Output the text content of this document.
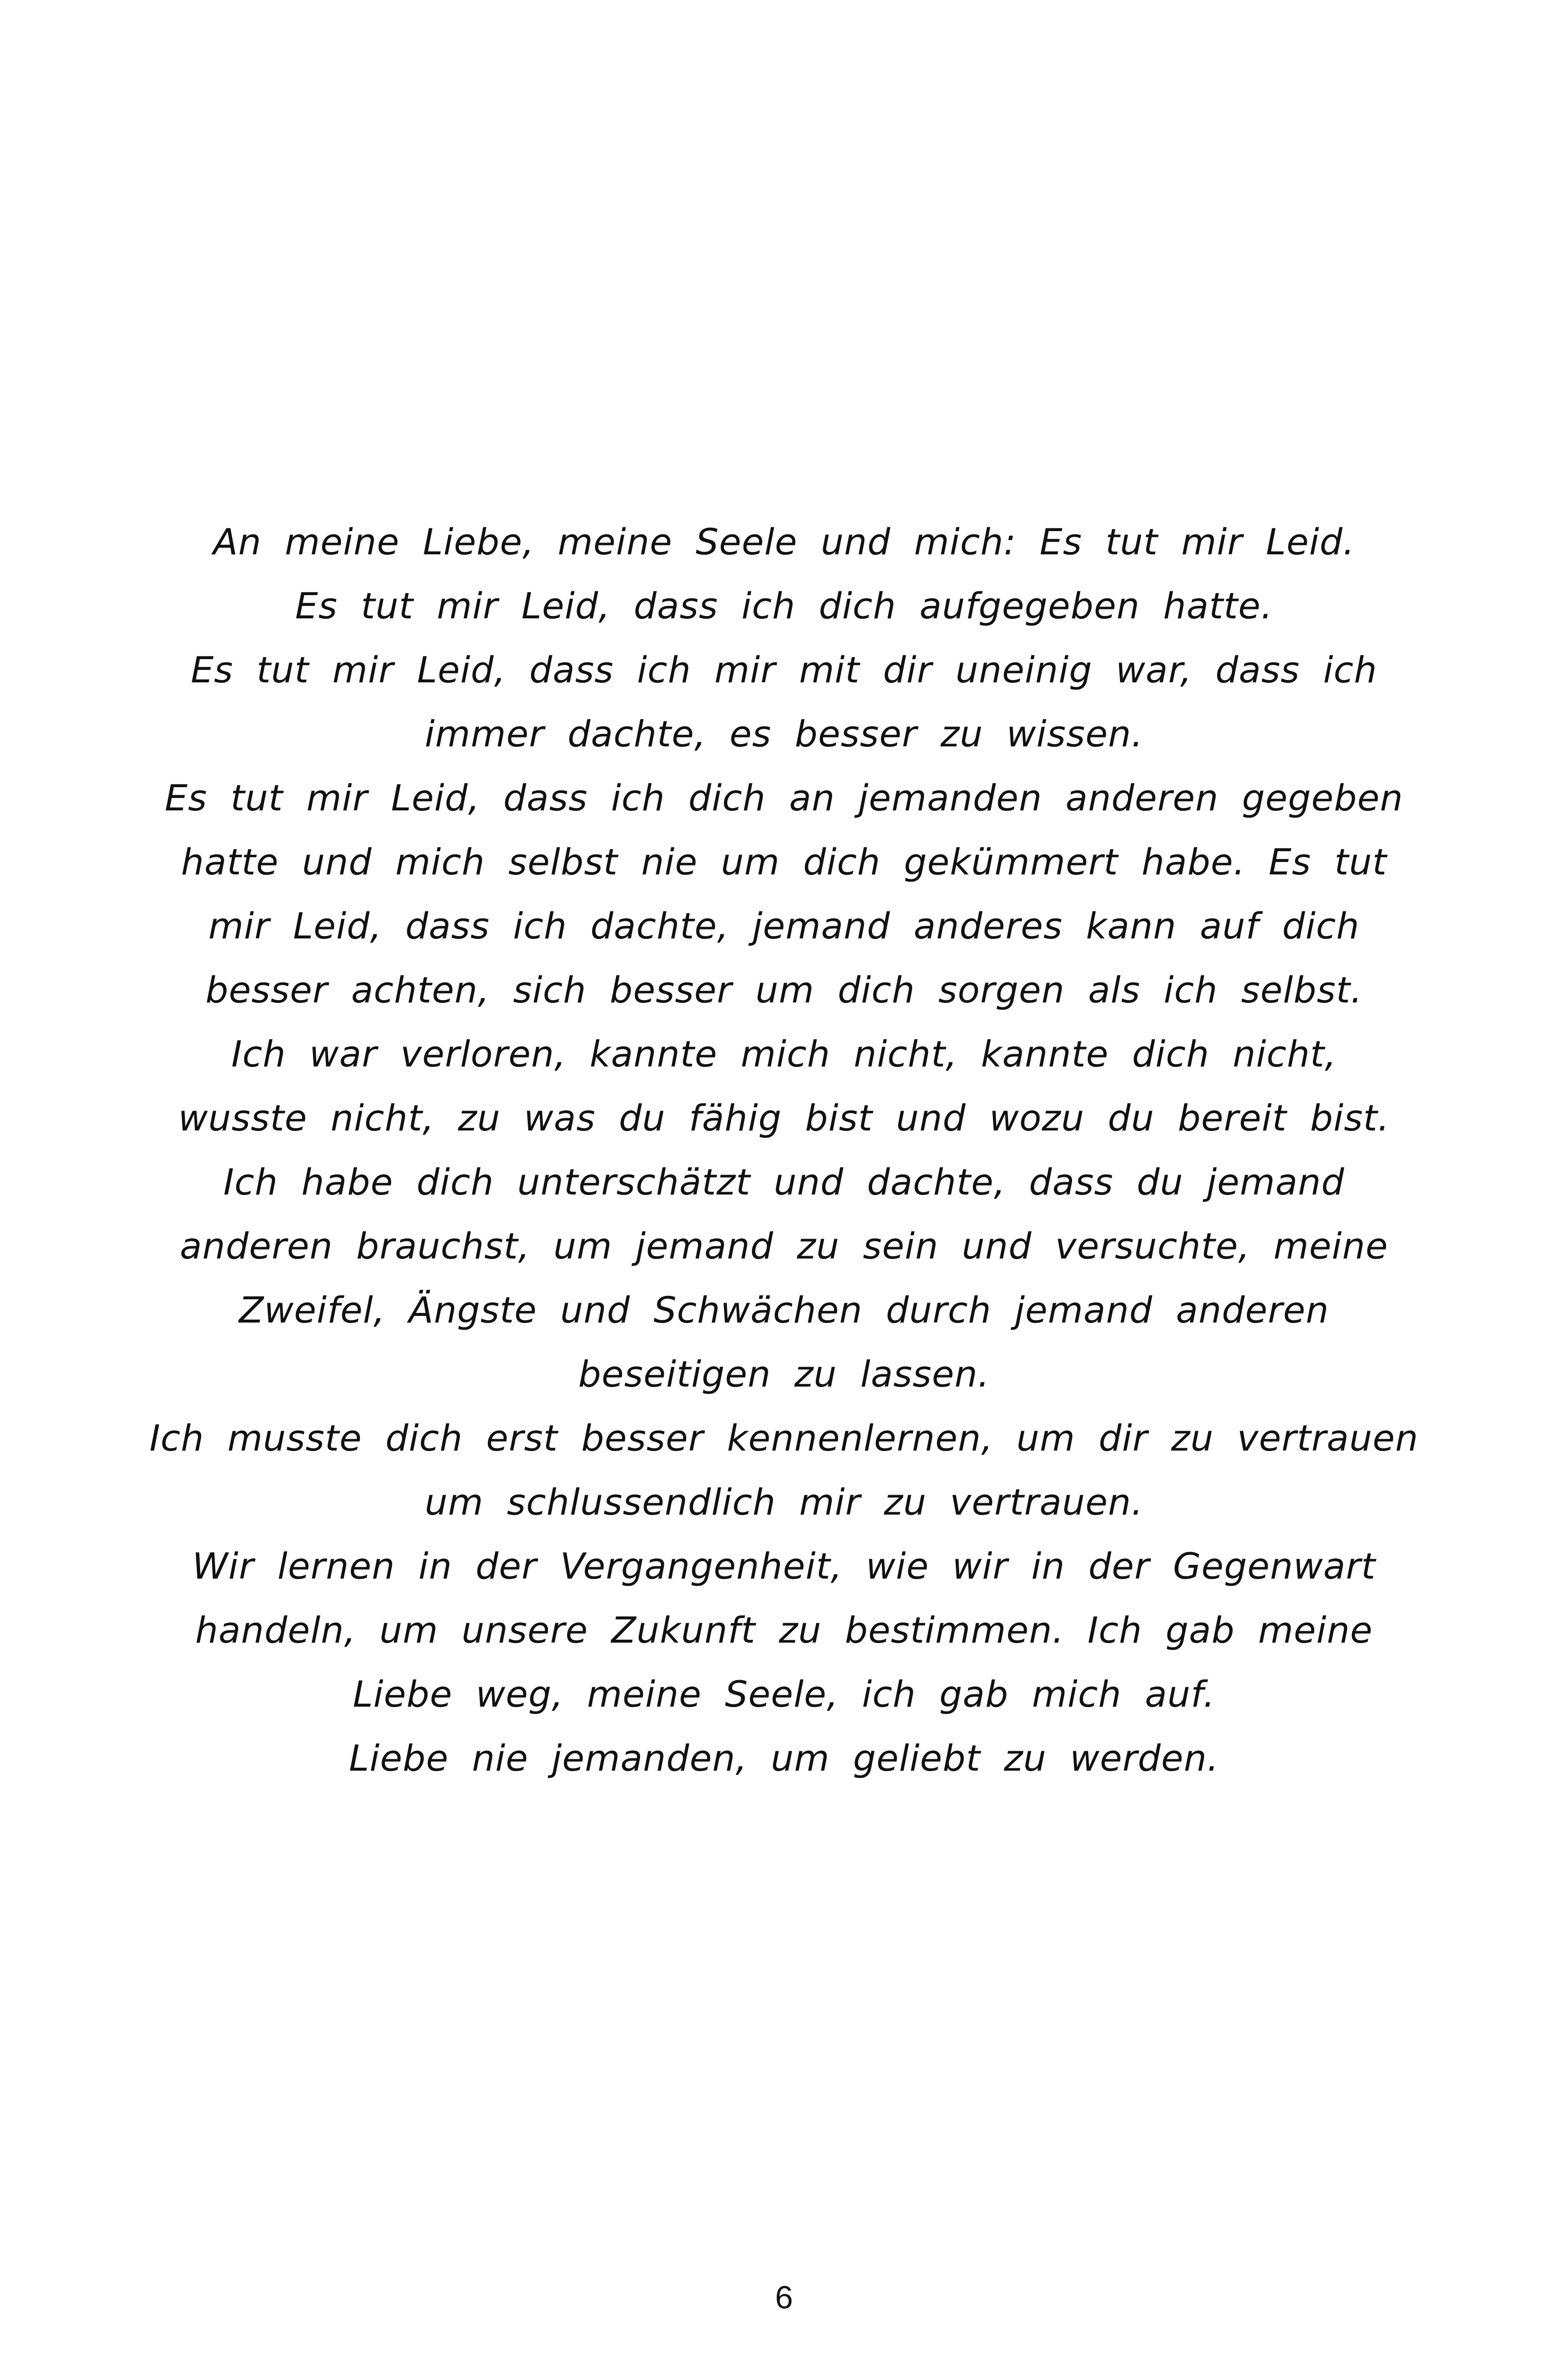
An meine Liebe, meine Seele und mich: Es tut mir Leid.
Es tut mir Leid, dass ich dich aufgegeben hatte.
Es tut mir Leid, dass ich mir mit dir uneinig war, dass ich
immer dachte, es besser zu wissen.
Es tut mir Leid, dass ich dich an jemanden anderen gegeben
hatte und mich selbst nie um dich gekümmert habe. Es tut
mir Leid, dass ich dachte, jemand anderes kann auf dich
besser achten, sich besser um dich sorgen als ich selbst.
Ich war verloren, kannte mich nicht, kannte dich nicht,
wusste nicht, zu was du fähig bist und wozu du bereit bist.
Ich habe dich unterschätzt und dachte, dass du jemand
anderen brauchst, um jemand zu sein und versuchte, meine
Zweifel, Ängste und Schwächen durch jemand anderen
beseitigen zu lassen.
Ich musste dich erst besser kennenlernen, um dir zu vertrauen
um schlussendlich mir zu vertrauen.
Wir lernen in der Vergangenheit, wie wir in der Gegenwart
handeln, um unsere Zukunft zu bestimmen. Ich gab meine
Liebe weg, meine Seele, ich gab mich auf.
Liebe nie jemanden, um geliebt zu werden.
6
